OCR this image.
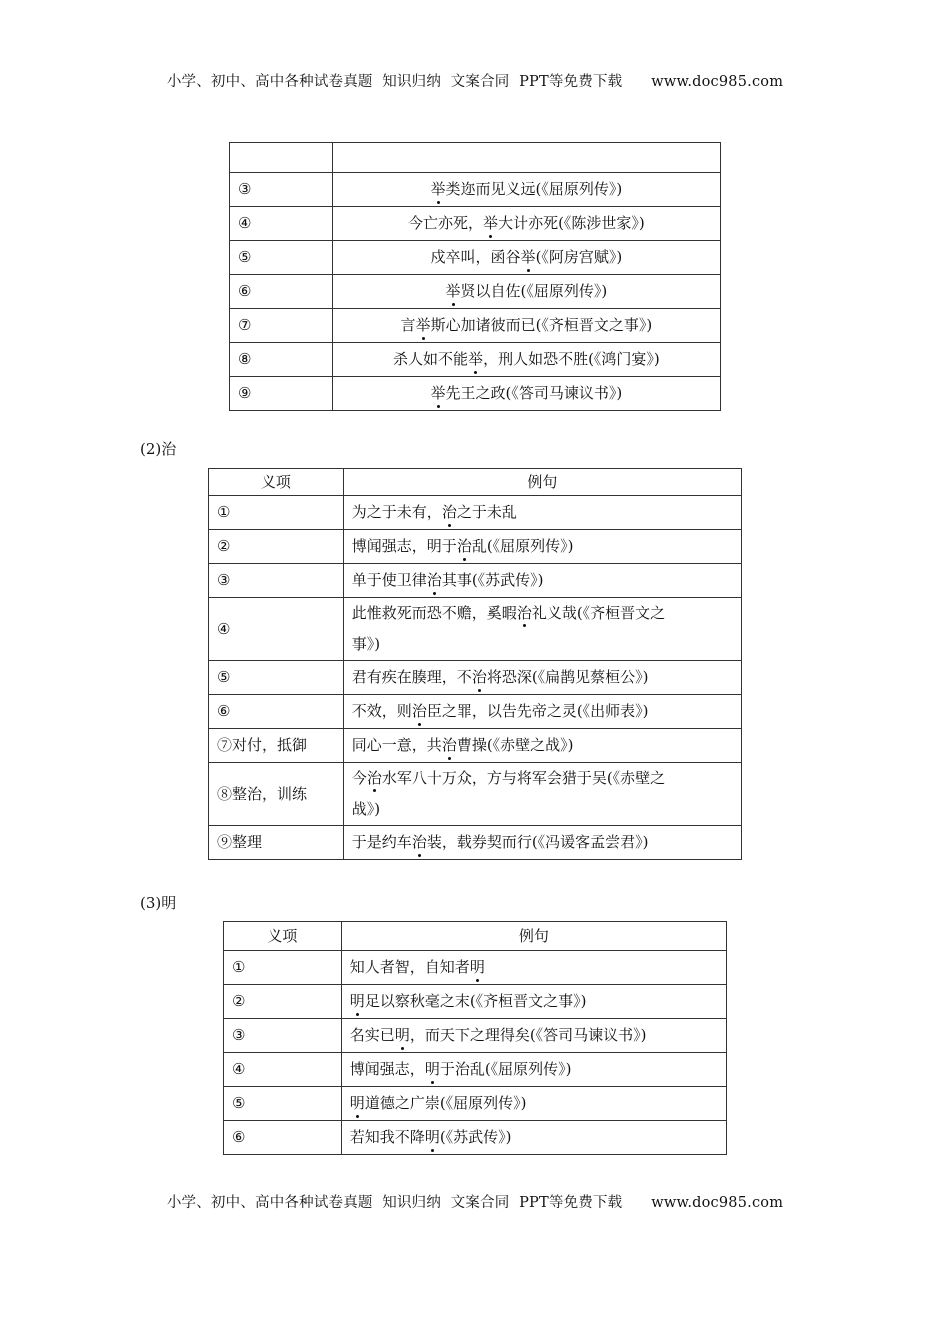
小学、初中、高中各种试卷真题  知识归纳  文案合同  PPT等免费下载      www.doc985.com

③	举类迩而见义远(《屈原列传》)
④	今亡亦死，举大计亦死(《陈涉世家》)
⑤	戍卒叫，函谷举(《阿房宫赋》)
⑥	举贤以自佐(《屈原列传》)
⑦	言举斯心加诸彼而已(《齐桓晋文之事》)
⑧	杀人如不能举，刑人如恐不胜(《鸿门宴》)
⑨	举先王之政(《答司马谏议书》)
(2)治
义项	例句
①	为之于未有，治之于未乱
②	博闻强志，明于治乱(《屈原列传》)
③	单于使卫律治其事(《苏武传》)
④	此惟救死而恐不赡，奚暇治礼义哉(《齐桓晋文之
事》)
⑤	君有疾在腠理，不治将恐深(《扁鹊见蔡桓公》)
⑥	不效，则治臣之罪，以告先帝之灵(《出师表》)
⑦对付，抵御	同心一意，共治曹操(《赤壁之战》)
⑧整治，训练	今治水军八十万众，方与将军会猎于吴(《赤壁之
战》)
⑨整理	于是约车治装，载券契而行(《冯谖客孟尝君》)
(3)明
义项	例句
①	知人者智，自知者明
②	明足以察秋毫之末(《齐桓晋文之事》)
③	名实已明，而天下之理得矣(《答司马谏议书》)
④	博闻强志，明于治乱(《屈原列传》)
⑤	明道德之广崇(《屈原列传》)
⑥	若知我不降明(《苏武传》)
小学、初中、高中各种试卷真题  知识归纳  文案合同  PPT等免费下载      www.doc985.com
